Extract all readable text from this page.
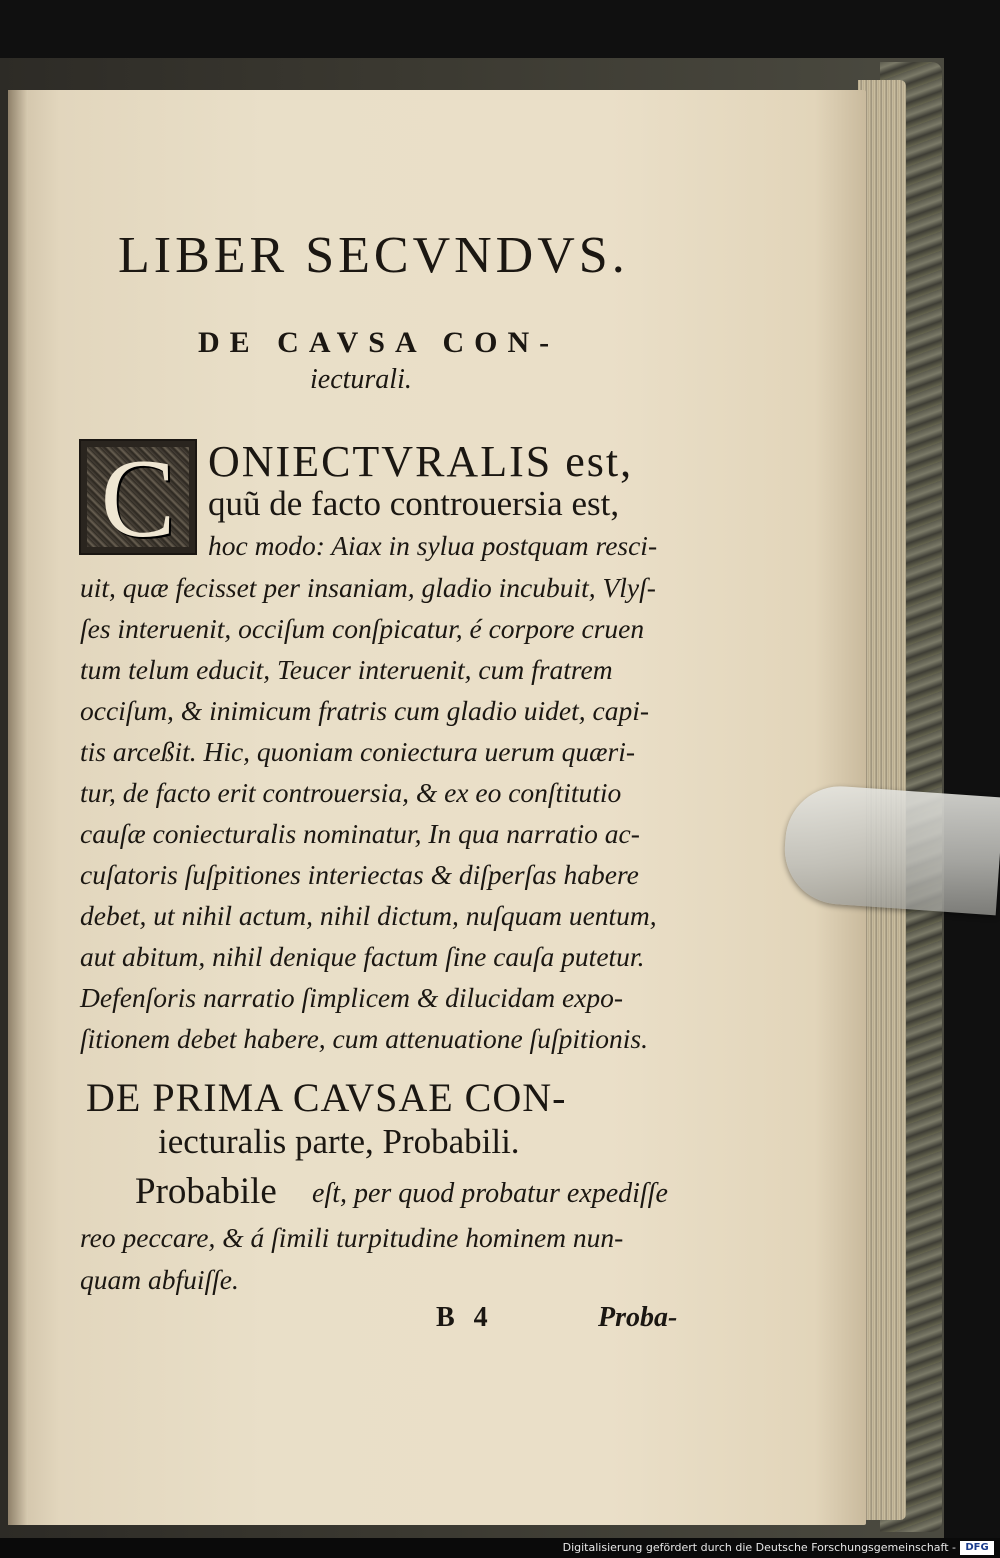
LIBER SECVNDVS.
DE CAVSA CON-
iecturali.
C ONIECTVRALIS est,
quũ de facto controuersia est,
hoc modo: Aiax in sylua postquam resci-
uit, quæ fecisset per insaniam, gladio incubuit, Vlyſ-
ſes interuenit, occiſum conſpicatur, é corpore cruen
tum telum educit, Teucer interuenit, cum fratrem
occiſum, & inimicum fratris cum gladio uidet, capi-
tis arceßit. Hic, quoniam coniectura uerum quæri-
tur, de facto erit controuersia, & ex eo conſtitutio
cauſæ coniecturalis nominatur, In qua narratio ac-
cuſatoris ſuſpitiones interiectas & diſperſas habere
debet, ut nihil actum, nihil dictum, nuſquam uentum,
aut abitum, nihil denique factum ſine cauſa putetur.
Defenſoris narratio ſimplicem & dilucidam expo-
ſitionem debet habere, cum attenuatione ſuſpitionis.
DE PRIMA CAVSAE CON-
iecturalis parte, Probabili.
Probabile eſt, per quod probatur expediſſe
reo peccare, & á ſimili turpitudine hominem nun-
quam abfuiſſe.
B 4	Proba-
Digitalisierung gefördert durch die Deutsche Forschungsgemeinschaft - DFG
